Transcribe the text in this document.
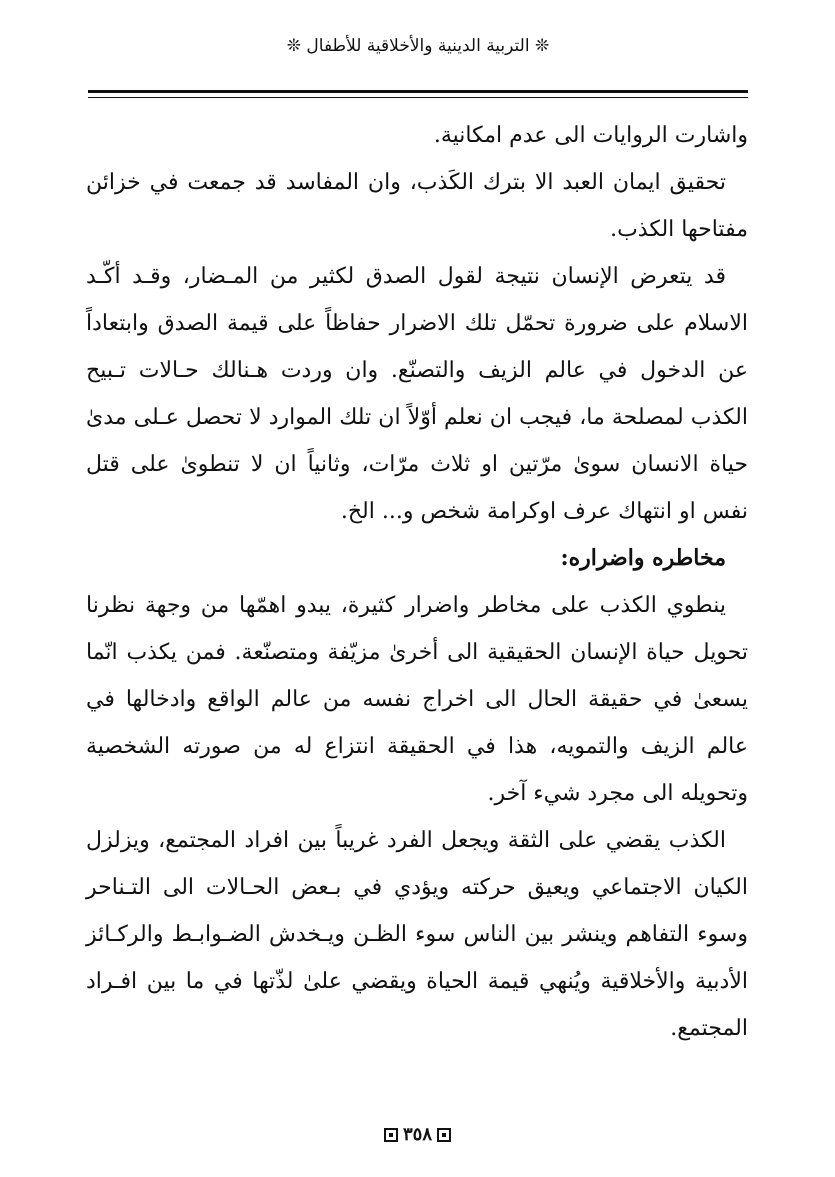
❊ التربية الدينية والأخلاقية للأطفال ❊

واشارت الروايات الى عدم امكانية.

تحقيق ايمان العبد الا بترك الكَذب، وان المفاسد قد جمعت في خزائن مفتاحها الكذب.

قد يتعرض الإنسان نتيجة لقول الصدق لكثير من المـضار، وقـد أكّـد الاسلام على ضرورة تحمّل تلك الاضرار حفاظاً على قيمة الصدق وابتعاداً عن الدخول في عالم الزيف والتصنّع. وان وردت هـنالك حـالات تـبيح الكذب لمصلحة ما، فيجب ان نعلم أوّلاً ان تلك الموارد لا تحصل عـلى مدىٰ حياة الانسان سوىٰ مرّتين او ثلاث مرّات، وثانياً ان لا تنطوىٰ على قتل نفس او انتهاك عرف اوكرامة شخص و... الخ.

مخاطره واضراره:

ينطوي الكذب على مخاطر واضرار كثيرة، يبدو اهمّها من وجهة نظرنا تحويل حياة الإنسان الحقيقية الى أخرىٰ مزيّفة ومتصنّعة. فمن يكذب انّما يسعىٰ في حقيقة الحال الى اخراج نفسه من عالم الواقع وادخالها في عالم الزيف والتمويه، هذا في الحقيقة انتزاع له من صورته الشخصية وتحويله الى مجرد شيء آخر.

الكذب يقضي على الثقة ويجعل الفرد غريباً بين افراد المجتمع، ويزلزل الكيان الاجتماعي ويعيق حركته ويؤدي في بـعض الحـالات الى التـناحر وسوء التفاهم وينشر بين الناس سوء الظـن ويـخدش الضـوابـط والركـائز الأدبية والأخلاقية ويُنهي قيمة الحياة ويقضي علىٰ لذّتها في ما بين افـراد المجتمع.

٣٥٨
